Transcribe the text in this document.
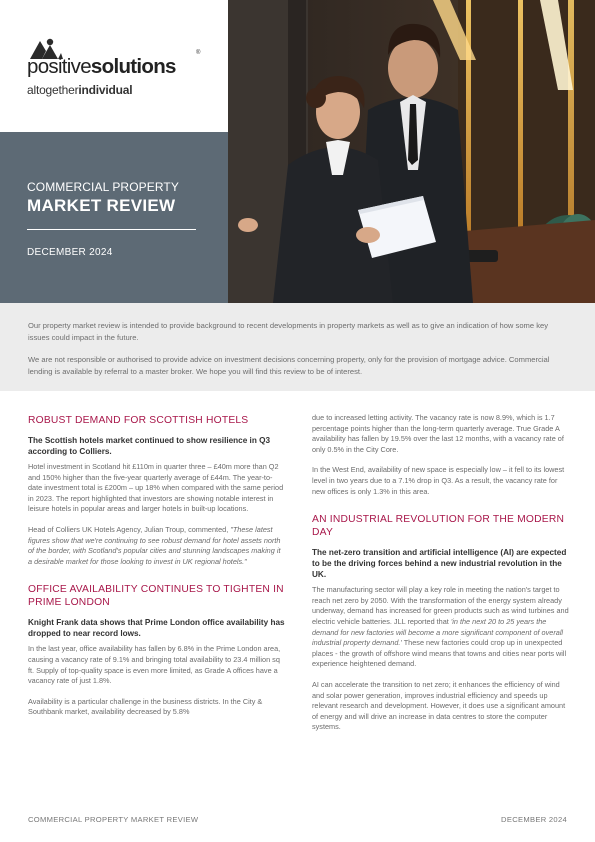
®
positivesolutions
altogetherindividual
COMMERCIAL PROPERTY
MARKET REVIEW
DECEMBER 2024

Our property market review is intended to provide background to recent developments in property markets as well as to give an indication of how some key issues could impact in the future.

We are not responsible or authorised to provide advice on investment decisions concerning property, only for the provision of mortgage advice. Commercial lending is available by referral to a master broker. We hope you will find this review to be of interest.

ROBUST DEMAND FOR SCOTTISH HOTELS
The Scottish hotels market continued to show resilience in Q3 according to Colliers.

Hotel investment in Scotland hit £110m in quarter three – £40m more than Q2 and 150% higher than the five-year quarterly average of £44m. The year-to-date investment total is £200m – up 18% when compared with the same period in 2023. The report highlighted that investors are showing notable interest in leisure hotels in popular areas and larger hotels in built-up locations.

Head of Colliers UK Hotels Agency, Julian Troup, commented, "These latest figures show that we're continuing to see robust demand for hotel assets north of the border, with Scotland's popular cities and stunning landscapes making it a desirable market for those looking to invest in UK regional hotels."

OFFICE AVAILABILITY CONTINUES TO TIGHTEN IN PRIME LONDON
Knight Frank data shows that Prime London office availability has dropped to near record lows.

In the last year, office availability has fallen by 6.8% in the Prime London area, causing a vacancy rate of 9.1% and bringing total availability to 23.4 million sq ft. Supply of top-quality space is even more limited, as Grade A offices have a vacancy rate of just 1.8%.

Availability is a particular challenge in the business districts. In the City & Southbank market, availability decreased by 5.8%

due to increased letting activity. The vacancy rate is now 8.9%, which is 1.7 percentage points higher than the long-term quarterly average. True Grade A availability has fallen by 19.5% over the last 12 months, with a vacancy rate of only 0.5% in the City Core.

In the West End, availability of new space is especially low – it fell to its lowest level in two years due to a 7.1% drop in Q3. As a result, the vacancy rate for new offices is only 1.3% in this area.

AN INDUSTRIAL REVOLUTION FOR THE MODERN DAY
The net-zero transition and artificial intelligence (AI) are expected to be the driving forces behind a new industrial revolution in the UK.

The manufacturing sector will play a key role in meeting the nation's target to reach net zero by 2050. With the transformation of the energy system already underway, demand has increased for green products such as wind turbines and electric vehicle batteries. JLL reported that 'in the next 20 to 25 years the demand for new factories will become a more significant component of overall industrial property demand.' These new factories could crop up in unexpected places - the growth of offshore wind means that towns and cities near ports will experience heightened demand.

AI can accelerate the transition to net zero; it enhances the efficiency of wind and solar power generation, improves industrial efficiency and speeds up relevant research and development. However, it does use a significant amount of energy and will drive an increase in data centres to store the computer systems.

COMMERCIAL PROPERTY MARKET REVIEW	DECEMBER 2024
